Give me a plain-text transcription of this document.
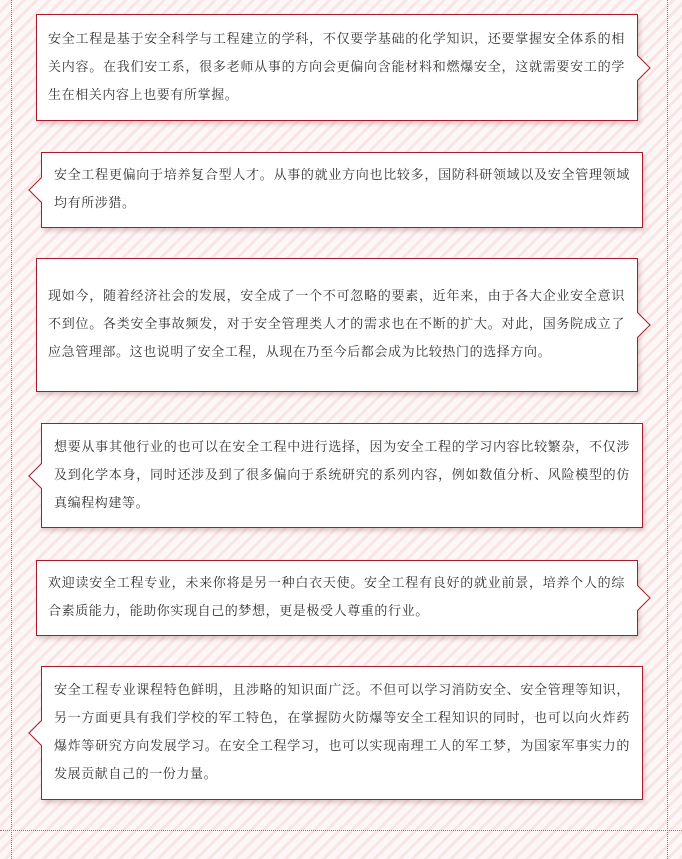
安全工程是基于安全科学与工程建立的学科，不仅要学基础的化学知识，还要掌握安全体系的相关内容。在我们安工系，很多老师从事的方向会更偏向含能材料和燃爆安全，这就需要安工的学生在相关内容上也要有所掌握。

安全工程更偏向于培养复合型人才。从事的就业方向也比较多，国防科研领域以及安全管理领域均有所涉猎。

现如今，随着经济社会的发展，安全成了一个不可忽略的要素，近年来，由于各大企业安全意识不到位。各类安全事故频发，对于安全管理类人才的需求也在不断的扩大。对此，国务院成立了应急管理部。这也说明了安全工程，从现在乃至今后都会成为比较热门的选择方向。

想要从事其他行业的也可以在安全工程中进行选择，因为安全工程的学习内容比较繁杂，不仅涉及到化学本身，同时还涉及到了很多偏向于系统研究的系列内容，例如数值分析、风险模型的仿真编程构建等。

欢迎读安全工程专业，未来你将是另一种白衣天使。安全工程有良好的就业前景，培养个人的综合素质能力，能助你实现自己的梦想，更是极受人尊重的行业。

安全工程专业课程特色鲜明，且涉略的知识面广泛。不但可以学习消防安全、安全管理等知识，另一方面更具有我们学校的军工特色，在掌握防火防爆等安全工程知识的同时，也可以向火炸药爆炸等研究方向发展学习。在安全工程学习，也可以实现南理工人的军工梦，为国家军事实力的发展贡献自己的一份力量。
